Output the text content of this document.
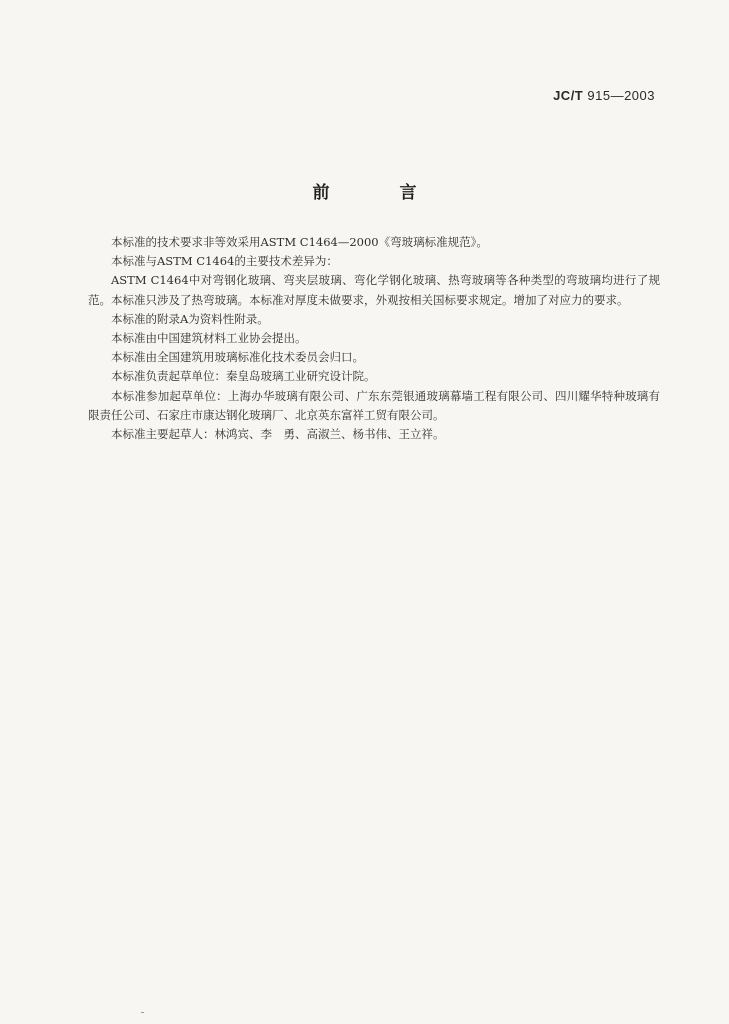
JC/T 915—2003
前 言

本标准的技术要求非等效采用ASTM C1464—2000《弯玻璃标准规范》。

本标准与ASTM C1464的主要技术差异为：

ASTM C1464中对弯钢化玻璃、弯夹层玻璃、弯化学钢化玻璃、热弯玻璃等各种类型的弯玻璃均进行了规范。本标准只涉及了热弯玻璃。本标准对厚度未做要求，外观按相关国标要求规定。增加了对应力的要求。

本标准的附录A为资料性附录。

本标准由中国建筑材料工业协会提出。

本标准由全国建筑用玻璃标准化技术委员会归口。

本标准负责起草单位：秦皇岛玻璃工业研究设计院。

本标准参加起草单位：上海办华玻璃有限公司、广东东莞银通玻璃幕墙工程有限公司、四川耀华特种玻璃有限责任公司、石家庄市康达钢化玻璃厂、北京英东富祥工贸有限公司。

本标准主要起草人：林鸿宾、李　勇、高淑兰、杨书伟、王立祥。
